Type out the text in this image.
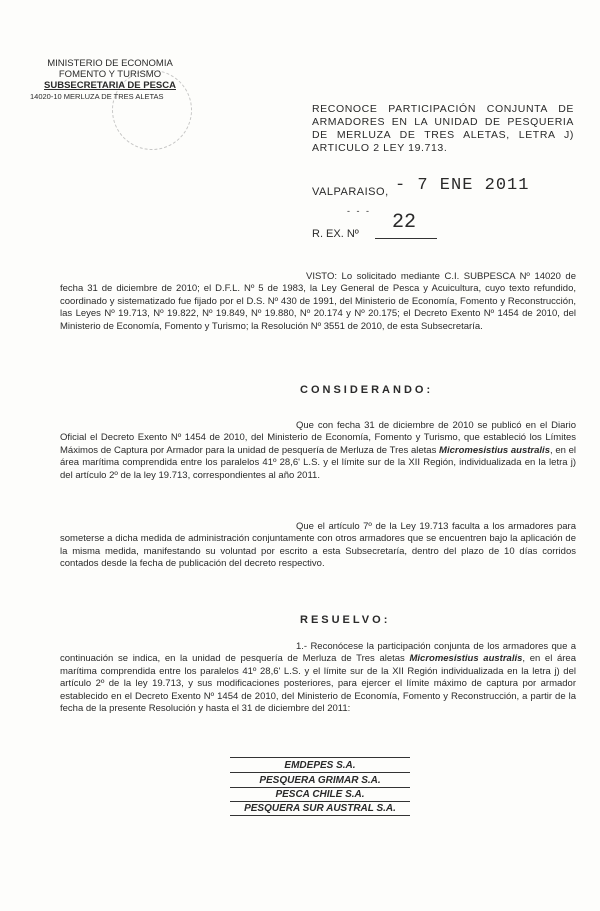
MINISTERIO DE ECONOMIA
FOMENTO Y TURISMO
SUBSECRETARIA DE PESCA
14020-10 MERLUZA DE TRES ALETAS
RECONOCE PARTICIPACIÓN CONJUNTA DE ARMADORES EN LA UNIDAD DE PESQUERIA DE MERLUZA DE TRES ALETAS, LETRA J) ARTICULO 2 LEY 19.713.
VALPARAISO, - 7 ENE 2011
- - -
R. EX. Nº 22
VISTO: Lo solicitado mediante C.I. SUBPESCA Nº 14020 de fecha 31 de diciembre de 2010; el D.F.L. Nº 5 de 1983, la Ley General de Pesca y Acuicultura, cuyo texto refundido, coordinado y sistematizado fue fijado por el D.S. Nº 430 de 1991, del Ministerio de Economía, Fomento y Reconstrucción, las Leyes Nº 19.713, Nº 19.822, Nº 19.849, Nº 19.880, Nº 20.174 y Nº 20.175; el Decreto Exento Nº 1454 de 2010, del Ministerio de Economía, Fomento y Turismo; la Resolución Nº 3551 de 2010, de esta Subsecretaría.
CONSIDERANDO:
Que con fecha 31 de diciembre de 2010 se publicó en el Diario Oficial el Decreto Exento Nº 1454 de 2010, del Ministerio de Economía, Fomento y Turismo, que estableció los Límites Máximos de Captura por Armador para la unidad de pesquería de Merluza de Tres aletas Micromesistius australis, en el área marítima comprendida entre los paralelos 41º 28,6' L.S. y el límite sur de la XII Región, individualizada en la letra j) del artículo 2º de la ley 19.713, correspondientes al año 2011.
Que el artículo 7º de la Ley 19.713 faculta a los armadores para someterse a dicha medida de administración conjuntamente con otros armadores que se encuentren bajo la aplicación de la misma medida, manifestando su voluntad por escrito a esta Subsecretaría, dentro del plazo de 10 días corridos contados desde la fecha de publicación del decreto respectivo.
RESUELVO:
1.- Reconócese la participación conjunta de los armadores que a continuación se indica, en la unidad de pesquería de Merluza de Tres aletas Micromesistius australis, en el área marítima comprendida entre los paralelos 41º 28,6' L.S. y el límite sur de la XII Región individualizada en la letra j) del artículo 2º de la ley 19.713, y sus modificaciones posteriores, para ejercer el límite máximo de captura por armador establecido en el Decreto Exento Nº 1454 de 2010, del Ministerio de Economía, Fomento y Reconstrucción, a partir de la fecha de la presente Resolución y hasta el 31 de diciembre del 2011:
EMDEPES S.A.
PESQUERA GRIMAR S.A.
PESCA CHILE S.A.
PESQUERA SUR AUSTRAL S.A.
